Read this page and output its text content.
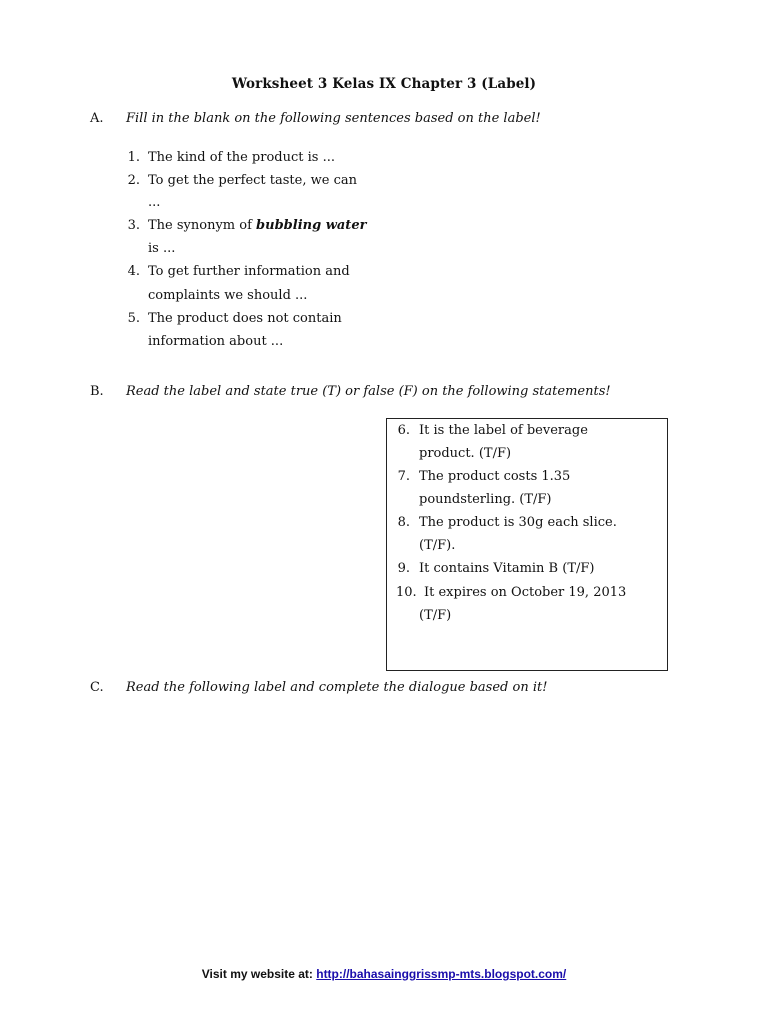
Worksheet 3 Kelas IX Chapter 3 (Label)
A. Fill in the blank on the following sentences based on the label!
1. The kind of the product is ...
2. To get the perfect taste, we can
...
3. The synonym of bubbling water
is ...
4. To get further information and
complaints we should ...
5. The product does not contain
information about ...
B. Read the label and state true (T) or false (F) on the following statements!
6. It is the label of beverage
product. (T/F)
7. The product costs 1.35
poundsterling. (T/F)
8. The product is 30g each slice.
(T/F).
9. It contains Vitamin B (T/F)
10. It expires on October 19, 2013
(T/F)
C. Read the following label and complete the dialogue based on it!
Visit my website at: http://bahasainggrissmp-mts.blogspot.com/
